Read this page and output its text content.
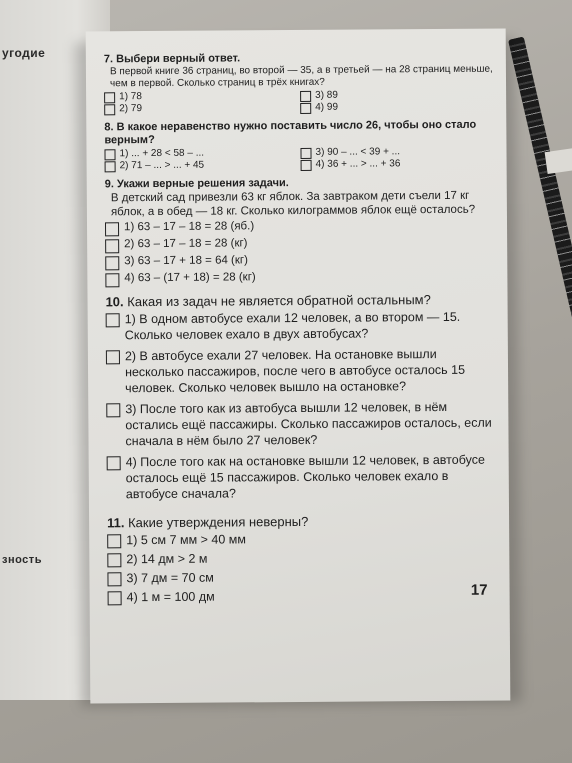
угодие
зность
7. Выбери верный ответ.
В первой книге 36 страниц, во второй — 35, а в третьей — на 28 страниц меньше, чем в первой. Сколько страниц в трёх книгах?
1) 78	3) 89
2) 79	4) 99
8. В какое неравенство нужно поставить число 26, чтобы оно стало верным?
1) ... + 28 < 58 – ...	3) 90 – ... < 39 + ...
2) 71 – ... > ... + 45	4) 36 + ... > ... + 36
9. Укажи верные решения задачи.
В детский сад привезли 63 кг яблок. За завтраком дети съели 17 кг яблок, а в обед — 18 кг. Сколько килограммов яблок ещё осталось?
1) 63 – 17 – 18 = 28 (яб.)
2) 63 – 17 – 18 = 28 (кг)
3) 63 – 17 + 18 = 64 (кг)
4) 63 – (17 + 18) = 28 (кг)
10. Какая из задач не является обратной остальным?
1) В одном автобусе ехали 12 человек, а во втором — 15. Сколько человек ехало в двух автобусах?
2) В автобусе ехали 27 человек. На остановке вышли несколько пассажиров, после чего в автобусе осталось 15 человек. Сколько человек вышло на остановке?
3) После того как из автобуса вышли 12 человек, в нём остались ещё пассажиры. Сколько пассажиров осталось, если сначала в нём было 27 человек?
4) После того как на остановке вышли 12 человек, в автобусе осталось ещё 15 пассажиров. Сколько человек ехало в автобусе сначала?
11. Какие утверждения неверны?
1) 5 см 7 мм > 40 мм
2) 14 дм > 2 м
3) 7 дм = 70 см
4) 1 м = 100 дм	17
